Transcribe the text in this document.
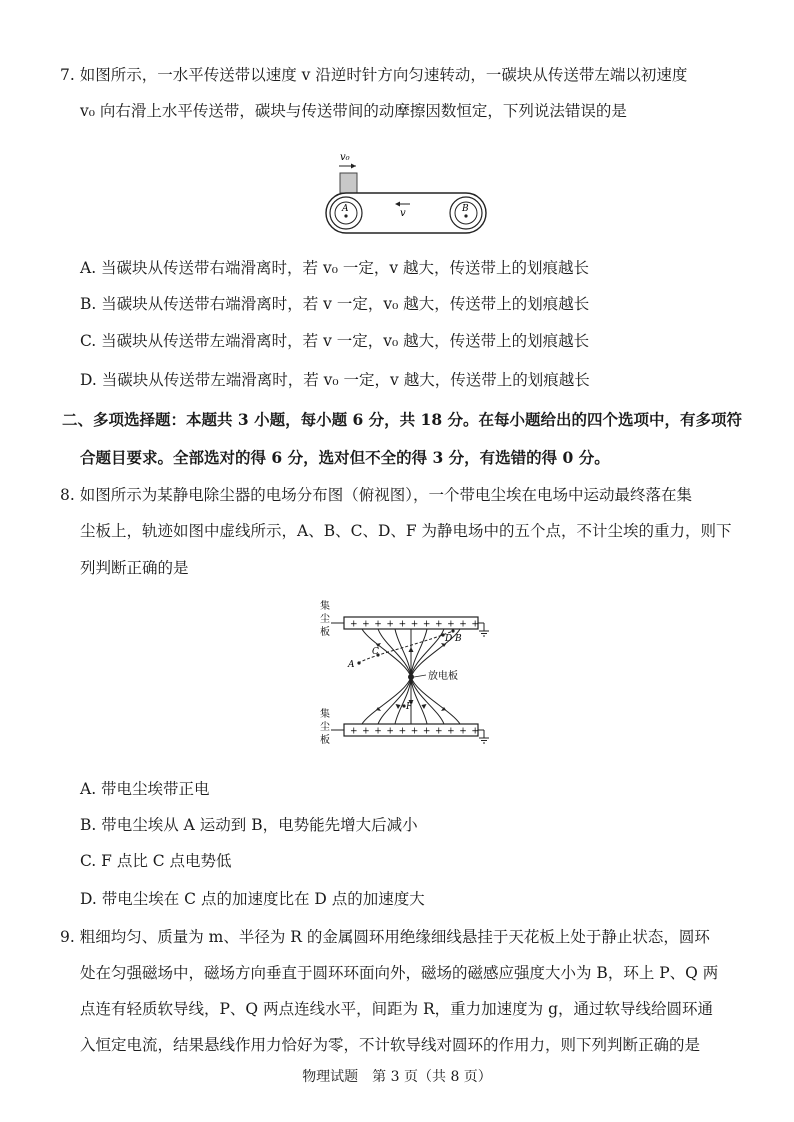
7. 如图所示，一水平传送带以速度 v 沿逆时针方向匀速转动，一碳块从传送带左端以初速度
v₀ 向右滑上水平传送带，碳块与传送带间的动摩擦因数恒定，下列说法错误的是
v₀
A	B
v
A. 当碳块从传送带右端滑离时，若 v₀ 一定，v 越大，传送带上的划痕越长
B. 当碳块从传送带右端滑离时，若 v 一定，v₀ 越大，传送带上的划痕越长
C. 当碳块从传送带左端滑离时，若 v 一定，v₀ 越大，传送带上的划痕越长
D. 当碳块从传送带左端滑离时，若 v₀ 一定，v 越大，传送带上的划痕越长
二、多项选择题：本题共 3 小题，每小题 6 分，共 18 分。在每小题给出的四个选项中，有多项符
合题目要求。全部选对的得 6 分，选对但不全的得 3 分，有选错的得 0 分。
8. 如图所示为某静电除尘器的电场分布图（俯视图），一个带电尘埃在电场中运动最终落在集
尘板上，轨迹如图中虚线所示，A、B、C、D、F 为静电场中的五个点，不计尘埃的重力，则下
列判断正确的是
集
尘
板
+++++++++++
集
尘
板
+++++++++++
放电板
A
C
D B
F
A. 带电尘埃带正电
B. 带电尘埃从 A 运动到 B，电势能先增大后减小
C. F 点比 C 点电势低
D. 带电尘埃在 C 点的加速度比在 D 点的加速度大
9. 粗细均匀、质量为 m、半径为 R 的金属圆环用绝缘细线悬挂于天花板上处于静止状态，圆环
处在匀强磁场中，磁场方向垂直于圆环环面向外，磁场的磁感应强度大小为 B，环上 P、Q 两
点连有轻质软导线，P、Q 两点连线水平，间距为 R，重力加速度为 g，通过软导线给圆环通
入恒定电流，结果悬线作用力恰好为零，不计软导线对圆环的作用力，则下列判断正确的是
物理试题　第 3 页（共 8 页）
